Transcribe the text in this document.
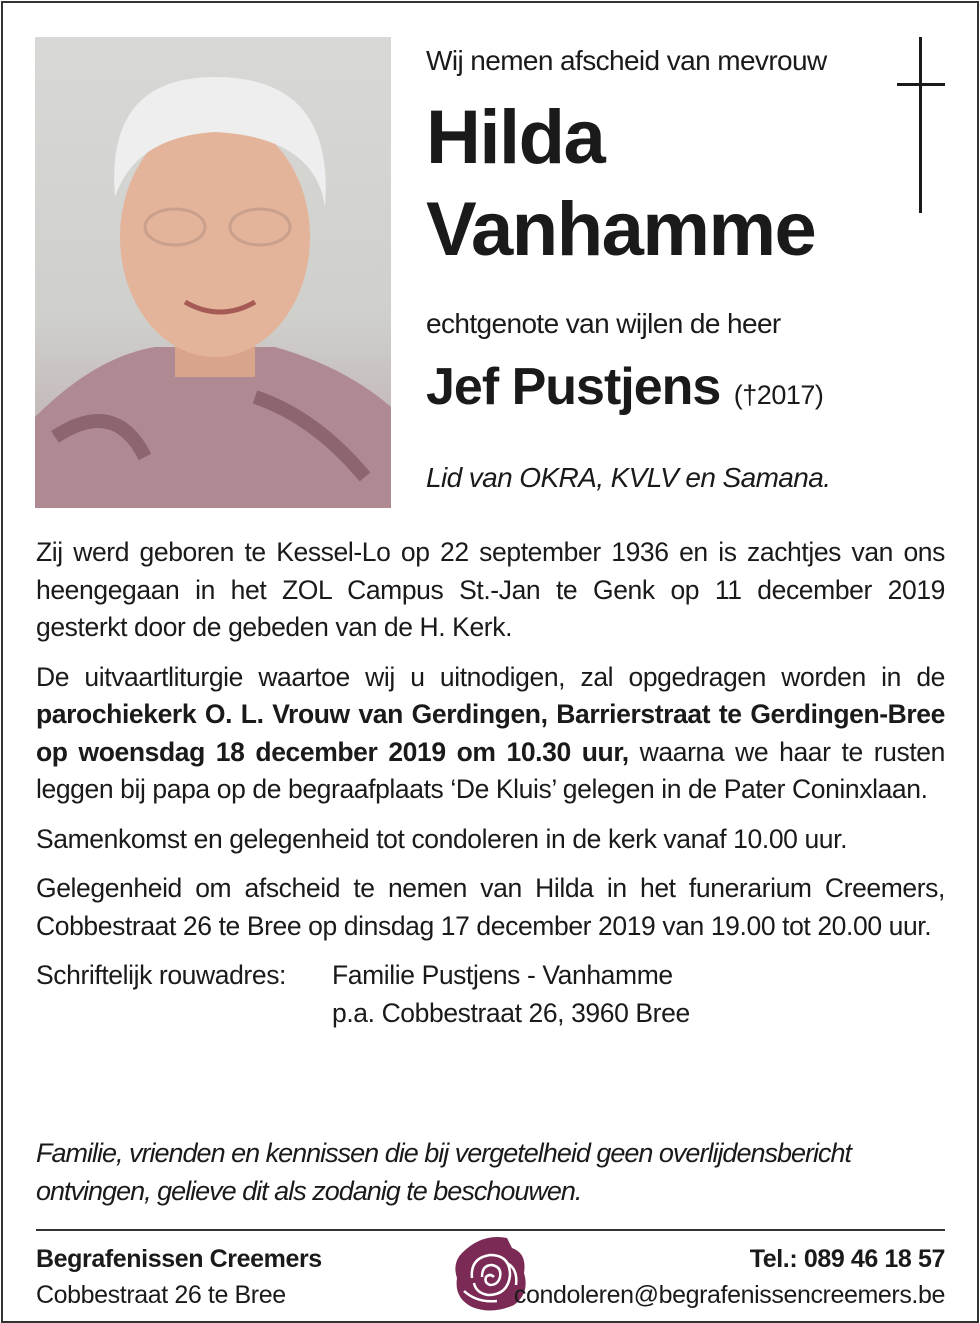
Wij nemen afscheid van mevrouw
Hilda
Vanhamme
echtgenote van wijlen de heer
Jef Pustjens (†2017)
Lid van OKRA, KVLV en Samana.

Zij werd geboren te Kessel-Lo op 22 september 1936 en is zachtjes van ons heengegaan in het ZOL Campus St.-Jan te Genk op 11 december 2019 gesterkt door de gebeden van de H. Kerk.

De uitvaartliturgie waartoe wij u uitnodigen, zal opgedragen worden in de parochiekerk O. L. Vrouw van Gerdingen, Barrierstraat te Gerdingen-Bree op woensdag 18 december 2019 om 10.30 uur, waarna we haar te rusten leggen bij papa op de begraafplaats ‘De Kluis’ gelegen in de Pater Coninxlaan.

Samenkomst en gelegenheid tot condoleren in de kerk vanaf 10.00 uur.

Gelegenheid om afscheid te nemen van Hilda in het funerarium Creemers, Cobbestraat 26 te Bree op dinsdag 17 december 2019 van 19.00 tot 20.00 uur.

Schriftelijk rouwadres:	Familie Pustjens - Vanhamme
p.a. Cobbestraat 26, 3960 Bree
Familie, vrienden en kennissen die bij vergetelheid geen overlijdensbericht ontvingen, gelieve dit als zodanig te beschouwen.
Begrafenissen Creemers
Cobbestraat 26 te Bree
Tel.: 089 46 18 57
condoleren@begrafenissencreemers.be
